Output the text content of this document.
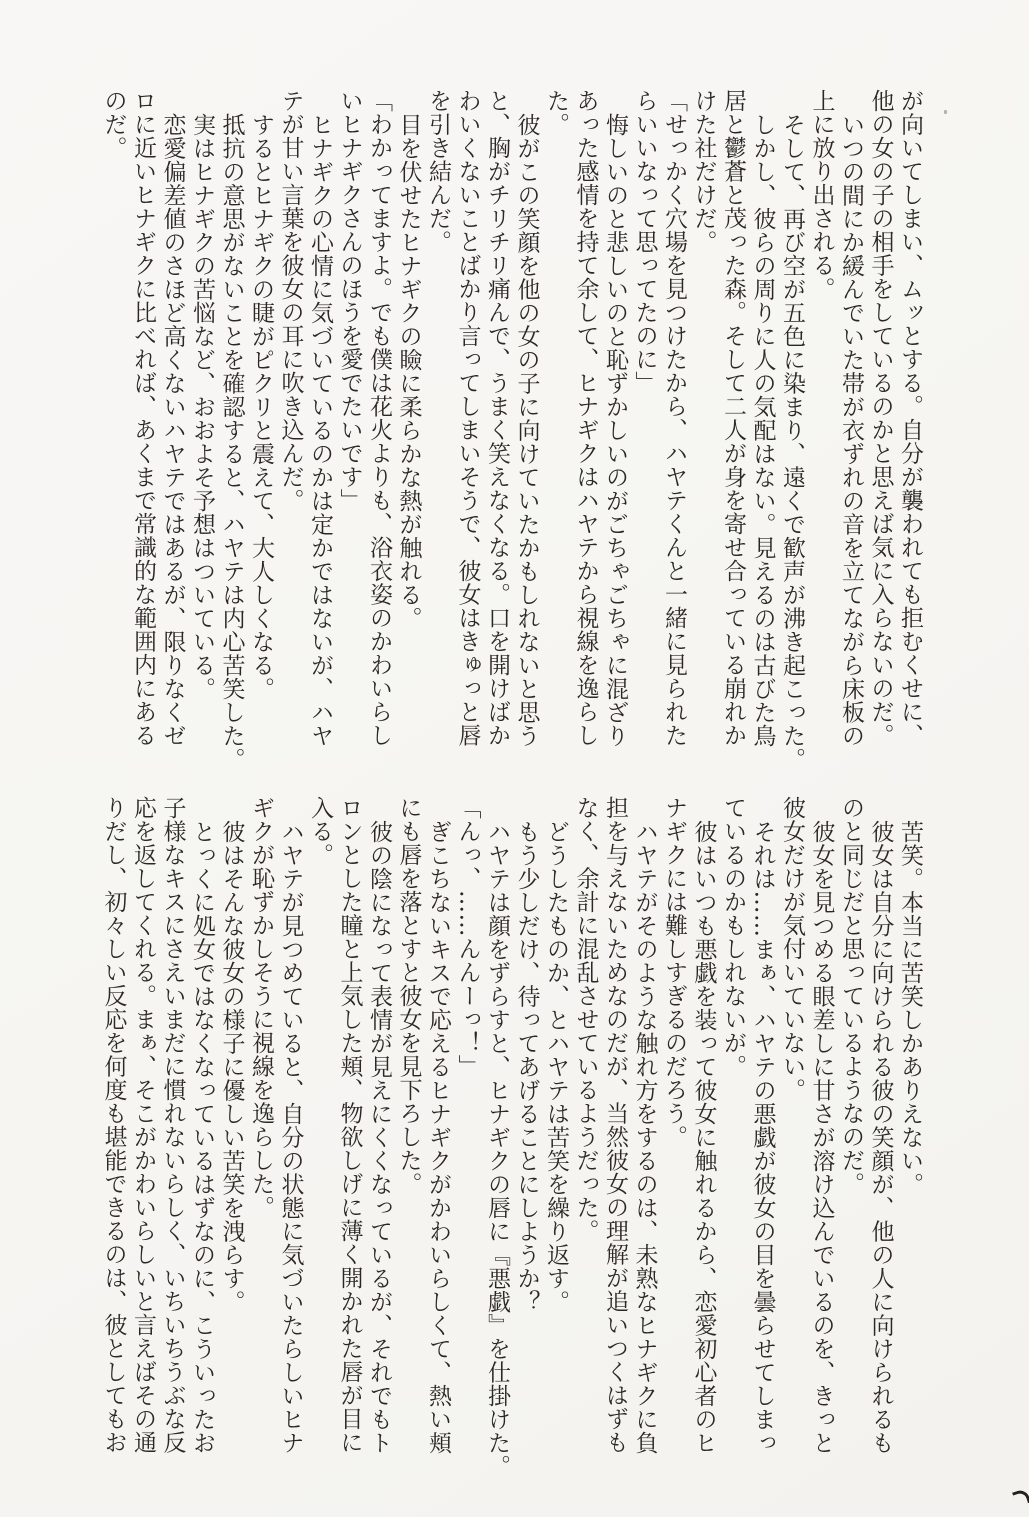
が向いてしまい、ムッとする。自分が襲われても拒むくせに、
他の女の子の相手をしているのかと思えば気に入らないのだ。
いつの間にか緩んでいた帯が衣ずれの音を立てながら床板の
上に放り出される。
そして、再び空が五色に染まり、遠くで歓声が沸き起こった。
しかし、彼らの周りに人の気配はない。見えるのは古びた鳥
居と鬱蒼と茂った森。そして二人が身を寄せ合っている崩れか
けた社だけだ。
「せっかく穴場を見つけたから、ハヤテくんと一緒に見られた
らいいなって思ってたのに」
悔しいのと悲しいのと恥ずかしいのがごちゃごちゃに混ざり
あった感情を持て余して、ヒナギクはハヤテから視線を逸らし
た。
彼がこの笑顔を他の女の子に向けていたかもしれないと思う
と、胸がチリチリ痛んで、うまく笑えなくなる。口を開けばか
わいくないことばかり言ってしまいそうで、彼女はきゅっと唇
を引き結んだ。
目を伏せたヒナギクの瞼に柔らかな熱が触れる。
「わかってますよ。でも僕は花火よりも、浴衣姿のかわいらし
いヒナギクさんのほうを愛でたいです」
ヒナギクの心情に気づいているのかは定かではないが、ハヤ
テが甘い言葉を彼女の耳に吹き込んだ。
するとヒナギクの睫がピクリと震えて、大人しくなる。
抵抗の意思がないことを確認すると、ハヤテは内心苦笑した。
実はヒナギクの苦悩など、おおよそ予想はついている。
恋愛偏差値のさほど高くないハヤテではあるが、限りなくゼ
ロに近いヒナギクに比べれば、あくまで常識的な範囲内にある
のだ。
苦笑。本当に苦笑しかありえない。
彼女は自分に向けられる彼の笑顔が、他の人に向けられるも
のと同じだと思っているようなのだ。
彼女を見つめる眼差しに甘さが溶け込んでいるのを、きっと
彼女だけが気付いていない。
それは……まぁ、ハヤテの悪戯が彼女の目を曇らせてしまっ
ているのかもしれないが。
彼はいつも悪戯を装って彼女に触れるから、恋愛初心者のヒ
ナギクには難しすぎるのだろう。
ハヤテがそのような触れ方をするのは、未熟なヒナギクに負
担を与えないためなのだが、当然彼女の理解が追いつくはずも
なく、余計に混乱させているようだった。
どうしたものか、とハヤテは苦笑を繰り返す。
もう少しだけ、待ってあげることにしようか？
ハヤテは顔をずらすと、ヒナギクの唇に『悪戯』を仕掛けた。
「んっ、……んんーっ！」
ぎこちないキスで応えるヒナギクがかわいらしくて、熱い頬
にも唇を落とすと彼女を見下ろした。
彼の陰になって表情が見えにくくなっているが、それでもト
ロンとした瞳と上気した頬、物欲しげに薄く開かれた唇が目に
入る。
ハヤテが見つめていると、自分の状態に気づいたらしいヒナ
ギクが恥ずかしそうに視線を逸らした。
彼はそんな彼女の様子に優しい苦笑を洩らす。
とっくに処女ではなくなっているはずなのに、こういったお
子様なキスにさえいまだに慣れないらしく、いちいちうぶな反
応を返してくれる。まぁ、そこがかわいらしいと言えばその通
りだし、初々しい反応を何度も堪能できるのは、彼としてもお
